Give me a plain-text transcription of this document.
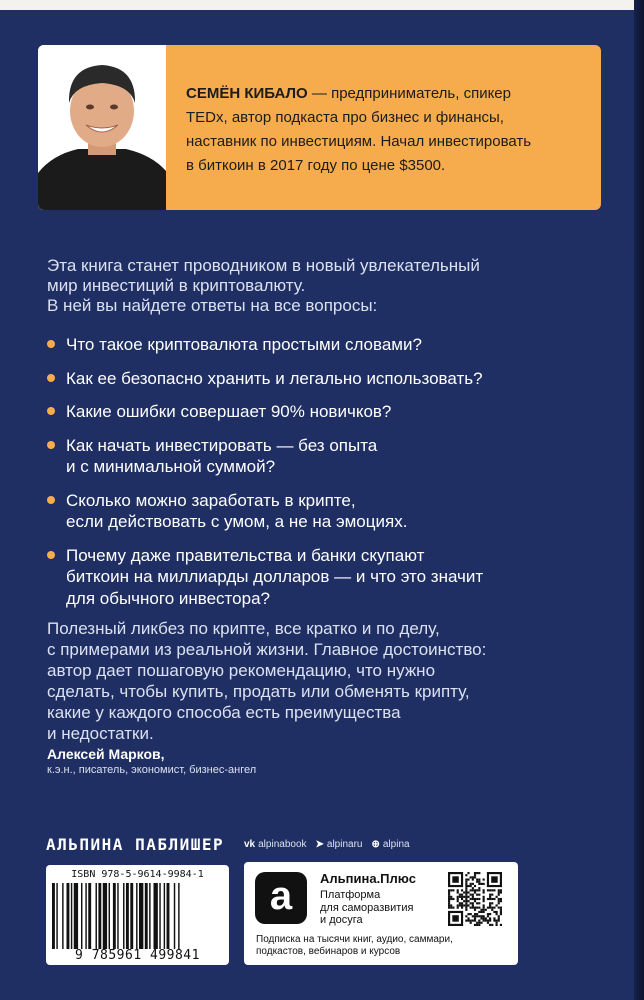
СЕМЁН КИБАЛО — предприниматель, спикер
TEDx, автор подкаста про бизнес и финансы,
наставник по инвестициям. Начал инвестировать
в биткоин в 2017 году по цене $3500.

Эта книга станет проводником в новый увлекательный
мир инвестиций в криптовалюту.
В ней вы найдете ответы на все вопросы:

Что такое криптовалюта простыми словами?
Как ее безопасно хранить и легально использовать?
Какие ошибки совершает 90% новичков?
Как начать инвестировать — без опыта
и с минимальной суммой?
Сколько можно заработать в крипте,
если действовать с умом, а не на эмоциях.
Почему даже правительства и банки скупают
биткоин на миллиарды долларов — и что это значит
для обычного инвестора?

Полезный ликбез по крипте, все кратко и по делу,
с примерами из реальной жизни. Главное достоинство:
автор дает пошаговую рекомендацию, что нужно
сделать, чтобы купить, продать или обменять крипту,
какие у каждого способа есть преимущества
и недостатки.

Алексей Марков,
к.э.н., писатель, экономист, бизнес-ангел
АЛЬПИНА ПАБЛИШЕР vk alpinabook ➤ alpinaru ⊕ alpina
ISBN 978-5-9614-9984-1
9 785961 499841
a Альпина.Плюс

Платформа
для саморазвития
и досуга

Подписка на тысячи книг, аудио, саммари,
подкастов, вебинаров и курсов
